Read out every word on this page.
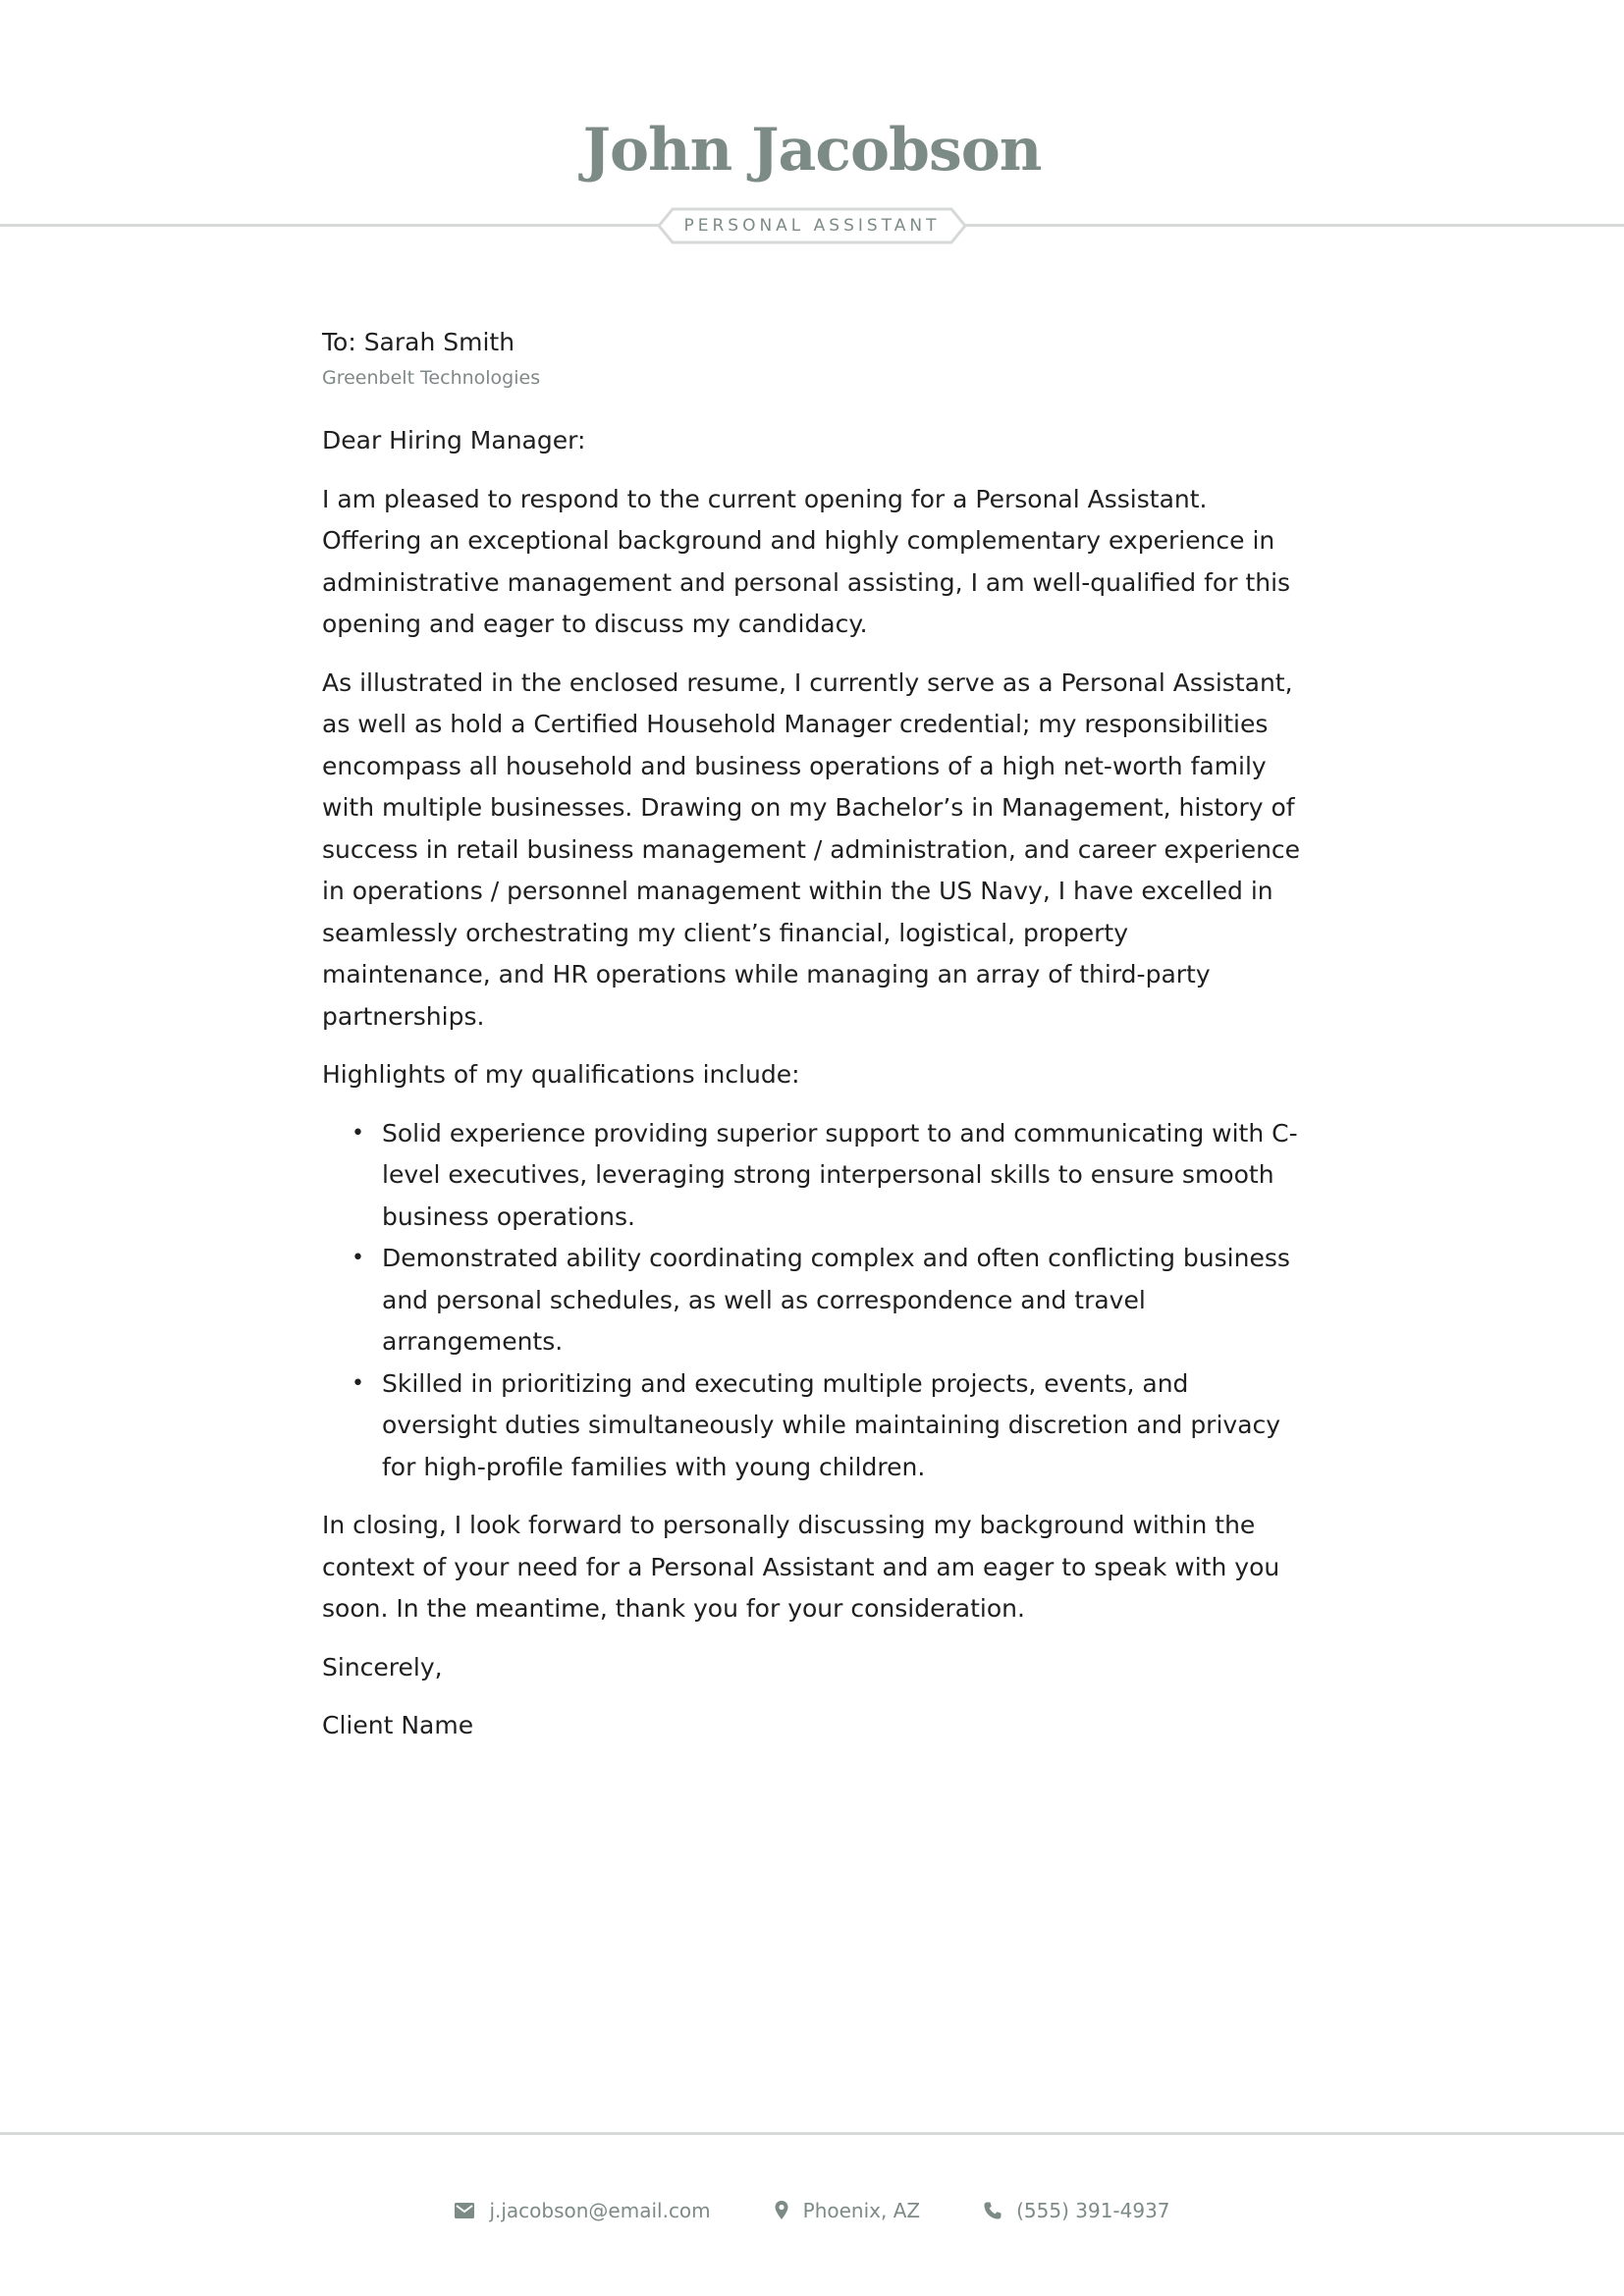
John Jacobson
PERSONAL ASSISTANT
To: Sarah Smith
Greenbelt Technologies

Dear Hiring Manager:

I am pleased to respond to the current opening for a Personal Assistant. Offering an exceptional background and highly complementary experience in administrative management and personal assisting, I am well-qualified for this opening and eager to discuss my candidacy.

As illustrated in the enclosed resume, I currently serve as a Personal Assistant, as well as hold a Certified Household Manager credential; my responsibilities encompass all household and business operations of a high net-worth family with multiple businesses. Drawing on my Bachelor’s in Management, history of success in retail business management / administration, and career experience in operations / personnel management within the US Navy, I have excelled in seamlessly orchestrating my client’s financial, logistical, property maintenance, and HR operations while managing an array of third-party partnerships.

Highlights of my qualifications include:

• Solid experience providing superior support to and communicating with C-level executives, leveraging strong interpersonal skills to ensure smooth business operations.
• Demonstrated ability coordinating complex and often conflicting business and personal schedules, as well as correspondence and travel arrangements.
• Skilled in prioritizing and executing multiple projects, events, and oversight duties simultaneously while maintaining discretion and privacy for high-profile families with young children.

In closing, I look forward to personally discussing my background within the context of your need for a Personal Assistant and am eager to speak with you soon. In the meantime, thank you for your consideration.

Sincerely,

Client Name

j.jacobson@email.com	Phoenix, AZ	(555) 391-4937
